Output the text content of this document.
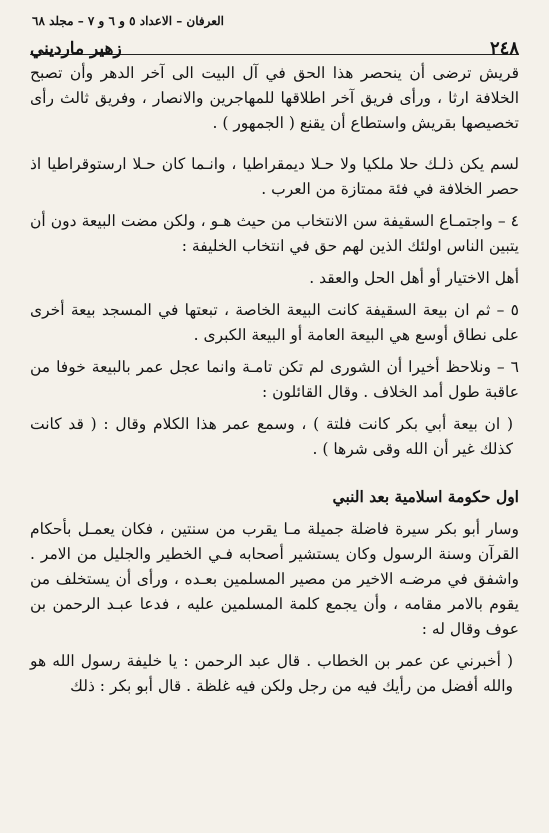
٢٤٨
زهير مارديني
العرفان – الاعداد ٥ و ٦ و ٧ – مجلد ٦٨

قريش ترضى أن ينحصر هذا الحق في آل البيت الى آخر الدهر وأن تصبح الخلافة ارثا ، ورأى فريق آخر اطلاقها للمهاجرين والانصار ، وفريق ثالث رأى تخصيصها بقريش واستطاع أن يقنع ( الجمهور ) .

لسم يكن ذلـك حلا ملكيا ولا حـلا ديمقراطيا ، وانـما كان حـلا ارستوقراطيا اذ حصر الخلافة في فئة ممتازة من العرب .

٤ – واجتمـاع السقيفة سن الانتخاب من حيث هـو ، ولكن مضت البيعة دون أن يتبين الناس اولئك الذين لهم حق في انتخاب الخليفة :

أهل الاختيار أو أهل الحل والعقد .

٥ – ثم ان بيعة السقيفة كانت البيعة الخاصة ، تبعتها في المسجد بيعة أخرى على نطاق أوسع هي البيعة العامة أو البيعة الكبرى .

٦ – ونلاحظ أخيرا أن الشورى لم تكن تامـة وانما عجل عمر بالبيعة خوفا من عاقبة طول أمد الخلاف . وقال القائلون :

( ان بيعة أبي بكر كانت فلتة ) ، وسمع عمر هذا الكلام وقال : ( قد كانت كذلك غير أن الله وقى شرها ) .

اول حكومة اسلامية بعد النبي

وسار أبو بكر سيرة فاضلة جميلة مـا يقرب من سنتين ، فكان يعمـل بأحكام القرآن وسنة الرسول وكان يستشير أصحابه فـي الخطير والجليل من الامر . واشفق في مرضـه الاخير من مصير المسلمين بعـده ، ورأى أن يستخلف من يقوم بالامر مقامه ، وأن يجمع كلمة المسلمين عليه ، فدعا عبـد الرحمن بن عوف وقال له :

( أخبرني عن عمر بن الخطاب . قال عبد الرحمن : يا خليفة رسول الله هو والله أفضل من رأيك فيه من رجل ولكن فيه غلظة . قال أبو بكر : ذلك
